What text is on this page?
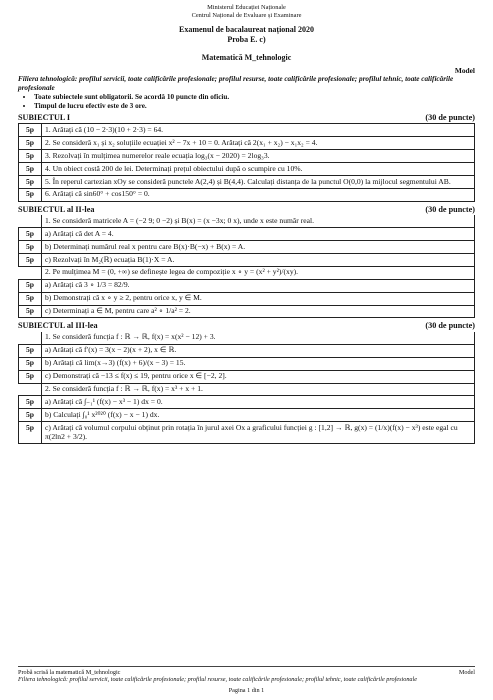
Ministerul Educației Naționale
Centrul Național de Evaluare și Examinare
Examenul de bacalaureat național 2020
Proba E. c)
Matematică M_tehnologic
Model
Filiera tehnologică: profilul servicii, toate calificările profesionale; profilul resurse, toate calificările profesionale; profilul tehnic, toate calificările profesionale
• Toate subiectele sunt obligatorii. Se acordă 10 puncte din oficiu.
• Timpul de lucru efectiv este de 3 ore.
SUBIECTUL I	(30 de puncte)
5p	1. Arătați că (10 − 2·3)(10 + 2·3) = 64.
5p	2. Se consideră x₁ și x₂ soluțiile ecuației x² − 7x + 10 = 0. Arătați că 2(x₁ + x₂) − x₁x₂ = 4.
5p	3. Rezolvați în mulțimea numerelor reale ecuația log₃(x − 2020) = 2log₃3.
5p	4. Un obiect costă 200 de lei. Determinați prețul obiectului după o scumpire cu 10%.
5p	5. În reperul cartezian xOy se consideră punctele A(2,4) și B(4,4). Calculați distanța de la punctul O(0,0) la mijlocul segmentului AB.
5p	6. Arătați că sin60° + cos150° = 0.
SUBIECTUL al II-lea	(30 de puncte)
	1. Se consideră matricele A = (−2 9; 0 −2) și B(x) = (x −3x; 0 x), unde x este număr real.
5p	a) Arătați că det A = 4.
5p	b) Determinați numărul real x pentru care B(x)·B(−x) + B(x) = A.
5p	c) Rezolvați în M₂(ℝ) ecuația B(1)·X = A.
	2. Pe mulțimea M = (0, +∞) se definește legea de compoziție x ∘ y = (x² + y²)/(xy).
5p	a) Arătați că 3 ∘ 1/3 = 82/9.
5p	b) Demonstrați că x ∘ y ≥ 2, pentru orice x, y ∈ M.
5p	c) Determinați a ∈ M, pentru care a² ∘ 1/a² = 2.
SUBIECTUL al III-lea	(30 de puncte)
	1. Se consideră funcția f : ℝ → ℝ, f(x) = x(x² − 12) + 3.
5p	a) Arătați că f′(x) = 3(x − 2)(x + 2), x ∈ ℝ.
5p	b) Arătați că lim(x→3) (f(x) + 6)/(x − 3) = 15.
5p	c) Demonstrați că −13 ≤ f(x) ≤ 19, pentru orice x ∈ [−2, 2].
	2. Se consideră funcția f : ℝ → ℝ, f(x) = x³ + x + 1.
5p	a) Arătați că ∫₋₁¹ (f(x) − x³ − 1) dx = 0.
5p	b) Calculați ∫₀¹ x²⁰²⁰ (f(x) − x − 1) dx.
5p	c) Arătați că volumul corpului obținut prin rotația în jurul axei Ox a graficului funcției g : [1,2] → ℝ, g(x) = (1/x)(f(x) − x³) este egal cu π(2ln2 + 3/2).
Probă scrisă la matematică M_tehnologic	Model
Filiera tehnologică: profilul servicii, toate calificările profesionale; profilul resurse, toate calificările profesionale; profilul tehnic, toate calificările profesionale
Pagina 1 din 1
